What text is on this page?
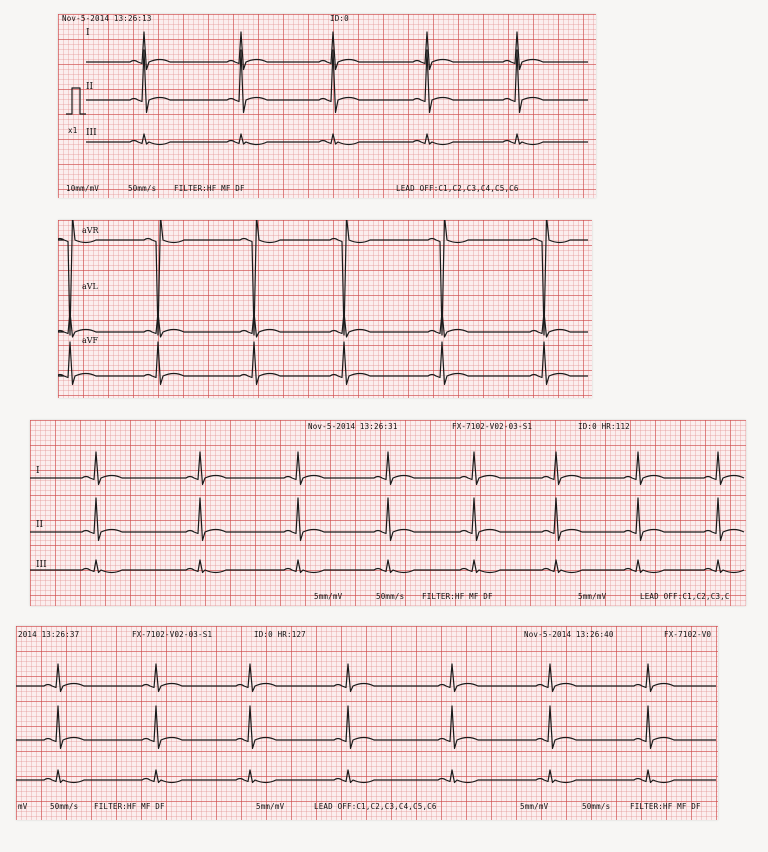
Nov-5-2014 13:26:13	ID:0
I
II
III
x1
10mm/mV	50mm/s FILTER:HF MF DF	LEAD OFF:C1,C2,C3,C4,C5,C6
aVR
aVL
aVF
Nov-5-2014 13:26:31	FX-7102-V02-03-S1	ID:0 HR:112
I
II
III
5mm/mV	50mm/s FILTER:HF MF DF	5mm/mV	LEAD OFF:C1,C2,C3,C
2014 13:26:37	FX-7102-V02-03-S1	ID:0 HR:127	Nov-5-2014 13:26:40	FX-7102-V0
mV	50mm/s FILTER:HF MF DF	5mm/mV	LEAD OFF:C1,C2,C3,C4,C5,C6	5mm/mV	50mm/s	FILTER:HF MF DF
